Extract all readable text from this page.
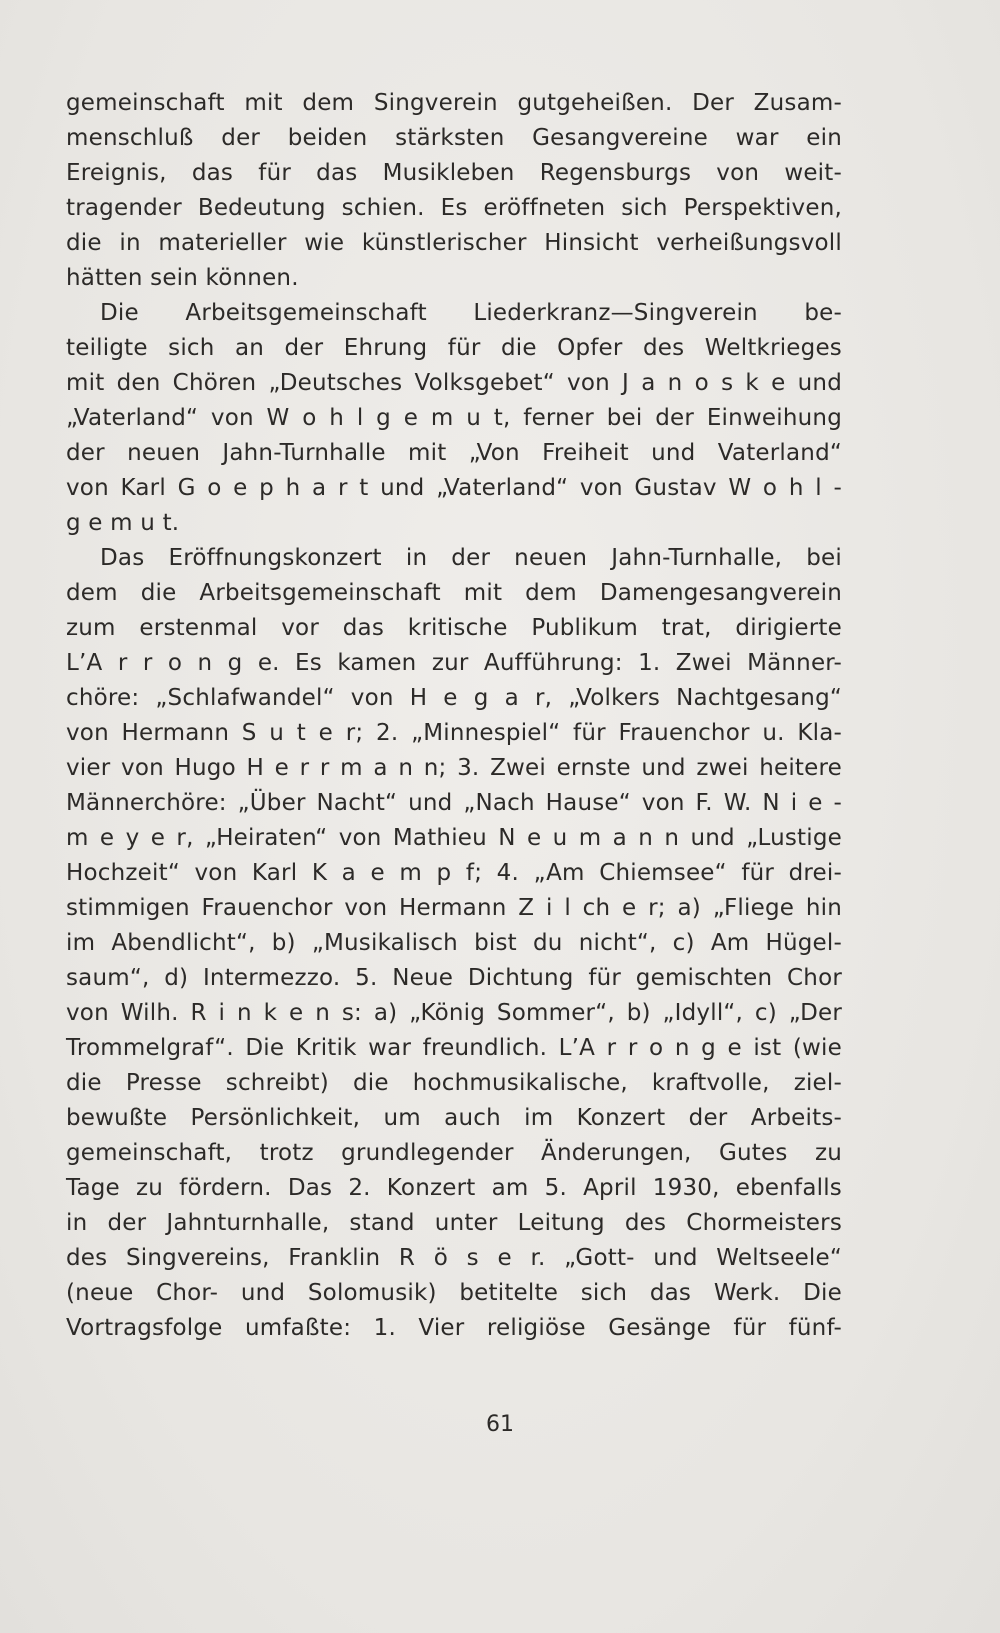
gemeinschaft mit dem Singverein gutgeheißen. Der Zusam-
menschluß der beiden stärksten Gesangvereine war ein
Ereignis, das für das Musikleben Regensburgs von weit-
tragender Bedeutung schien. Es eröffneten sich Perspektiven,
die in materieller wie künstlerischer Hinsicht verheißungsvoll
hätten sein können.
Die Arbeitsgemeinschaft Liederkranz—Singverein be-
teiligte sich an der Ehrung für die Opfer des Weltkrieges
mit den Chören „Deutsches Volksgebet“ von J a n o s k e und
„Vaterland“ von W o h l g e m u t, ferner bei der Einweihung
der neuen Jahn-Turnhalle mit „Von Freiheit und Vaterland“
von Karl G o e p h a r t und „Vaterland“ von Gustav W o h l -
g e m u t.
Das Eröffnungskonzert in der neuen Jahn-Turnhalle, bei
dem die Arbeitsgemeinschaft mit dem Damengesangverein
zum erstenmal vor das kritische Publikum trat, dirigierte
L’A r r o n g e. Es kamen zur Aufführung: 1. Zwei Männer-
chöre: „Schlafwandel“ von H e g a r, „Volkers Nachtgesang“
von Hermann S u t e r; 2. „Minnespiel“ für Frauenchor u. Kla-
vier von Hugo H e r r m a n n; 3. Zwei ernste und zwei heitere
Männerchöre: „Über Nacht“ und „Nach Hause“ von F. W. N i e -
m e y e r, „Heiraten“ von Mathieu N e u m a n n und „Lustige
Hochzeit“ von Karl K a e m p f; 4. „Am Chiemsee“ für drei-
stimmigen Frauenchor von Hermann Z i l ch e r; a) „Fliege hin
im Abendlicht“, b) „Musikalisch bist du nicht“, c) Am Hügel-
saum“, d) Intermezzo. 5. Neue Dichtung für gemischten Chor
von Wilh. R i n k e n s: a) „König Sommer“, b) „Idyll“, c) „Der
Trommelgraf“. Die Kritik war freundlich. L’A r r o n g e ist (wie
die Presse schreibt) die hochmusikalische, kraftvolle, ziel-
bewußte Persönlichkeit, um auch im Konzert der Arbeits-
gemeinschaft, trotz grundlegender Änderungen, Gutes zu
Tage zu fördern. Das 2. Konzert am 5. April 1930, ebenfalls
in der Jahnturnhalle, stand unter Leitung des Chormeisters
des Singvereins, Franklin R ö s e r. „Gott- und Weltseele“
(neue Chor- und Solomusik) betitelte sich das Werk. Die
Vortragsfolge umfaßte: 1. Vier religiöse Gesänge für fünf-
61
